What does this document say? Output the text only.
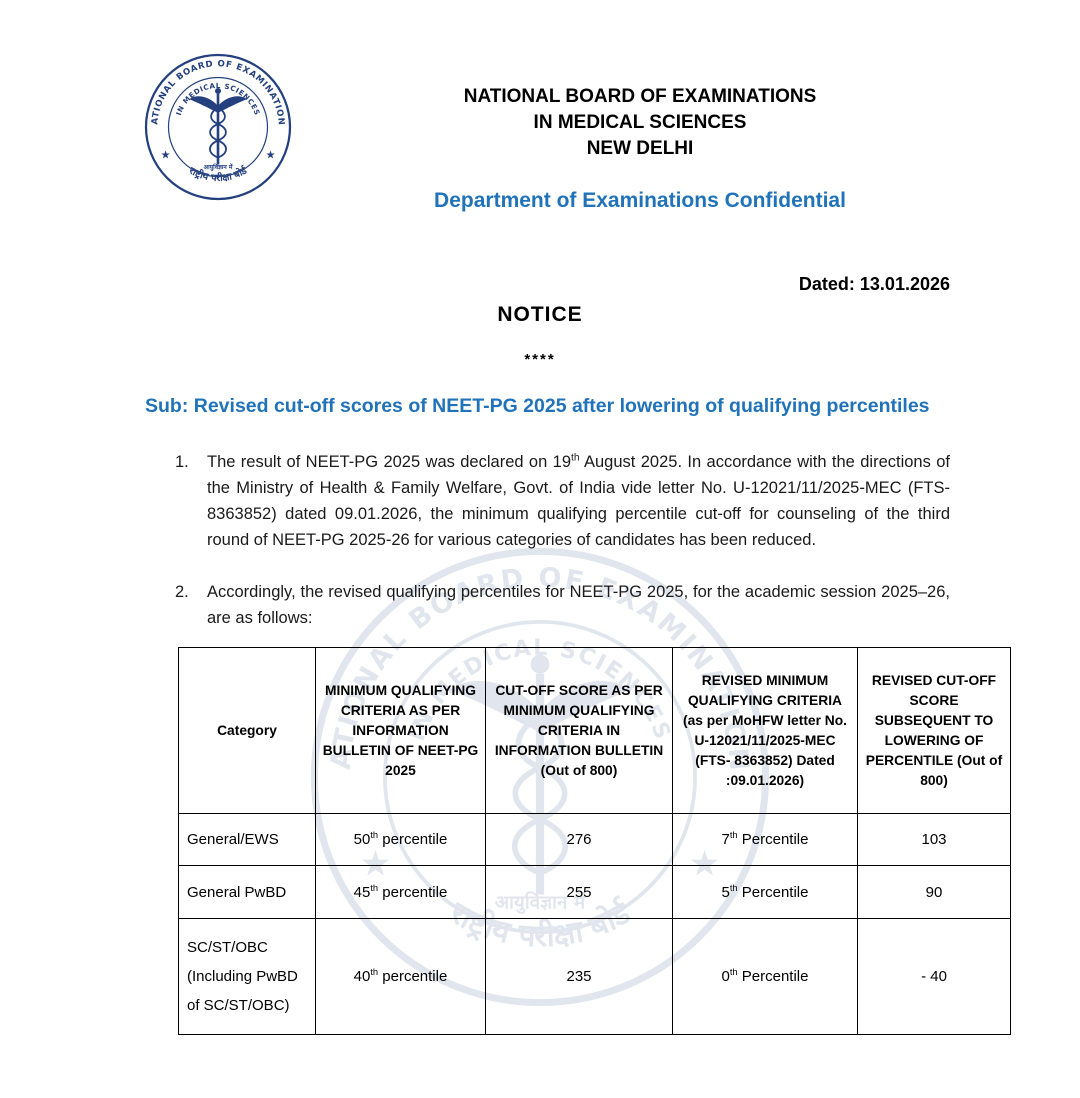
NATIONAL BOARD OF EXAMINATIONS
IN MEDICAL SCIENCES
NEW DELHI
Department of Examinations Confidential
Dated: 13.01.2026
NOTICE
****
Sub: Revised cut-off scores of NEET-PG 2025 after lowering of qualifying percentiles
1.	The result of NEET-PG 2025 was declared on 19th August 2025. In accordance with the directions of the Ministry of Health & Family Welfare, Govt. of India vide letter No. U-12021/11/2025-MEC (FTS- 8363852) dated 09.01.2026, the minimum qualifying percentile cut-off for counseling of the third round of NEET-PG 2025-26 for various categories of candidates has been reduced.
2.	Accordingly, the revised qualifying percentiles for NEET-PG 2025, for the academic session 2025–26, are as follows:
Category	MINIMUM QUALIFYING CRITERIA AS PER INFORMATION BULLETIN OF NEET-PG 2025	CUT-OFF SCORE AS PER MINIMUM QUALIFYING CRITERIA IN INFORMATION BULLETIN (Out of 800)	REVISED MINIMUM QUALIFYING CRITERIA (as per MoHFW letter No. U-12021/11/2025-MEC (FTS- 8363852) Dated :09.01.2026)	REVISED CUT-OFF SCORE SUBSEQUENT TO LOWERING OF PERCENTILE (Out of 800)
General/EWS	50th percentile	276	7th Percentile	103
General PwBD	45th percentile	255	5th Percentile	90
SC/ST/OBC (Including PwBD of SC/ST/OBC)	40th percentile	235	0th Percentile	- 40
